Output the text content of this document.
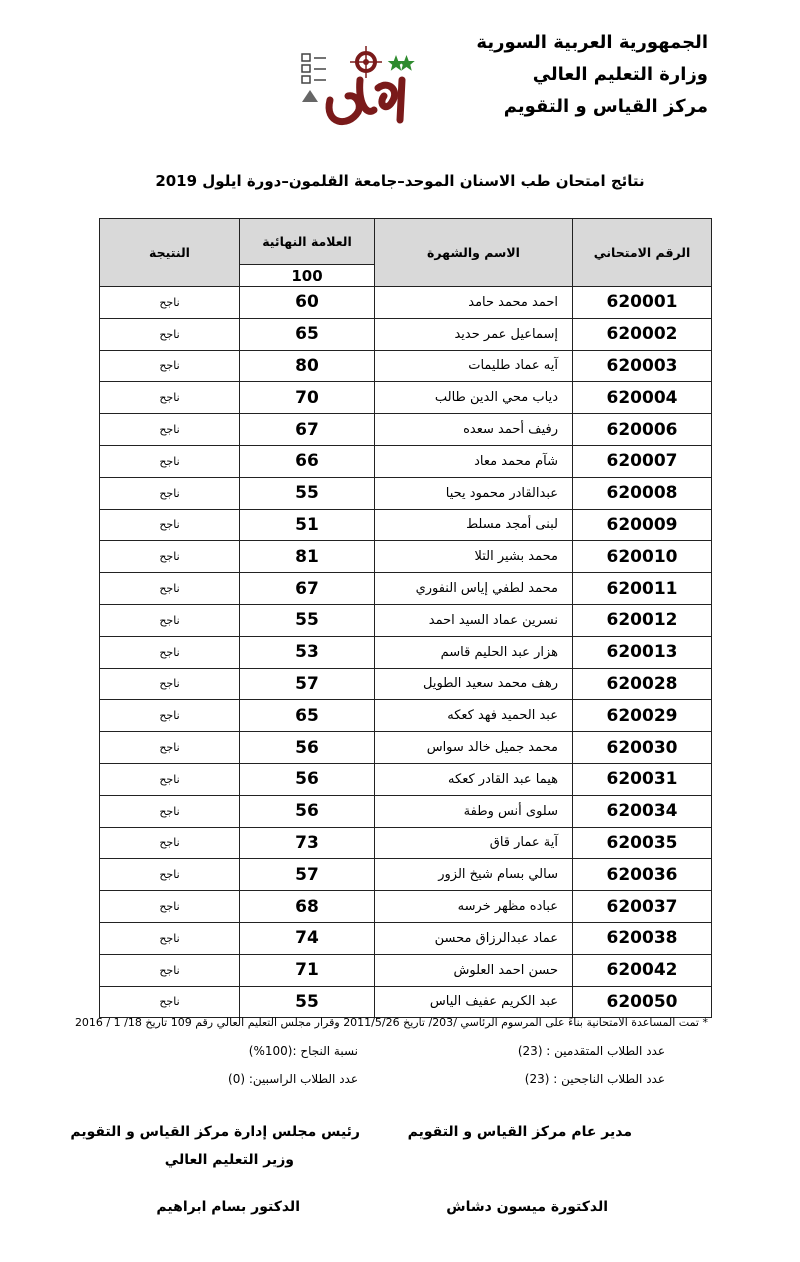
الجمهورية العربية السورية
وزارة التعليم العالي
مركز القياس و التقويم
نتائج امتحان طب الاسنان الموحد–جامعة القلمون–دورة ايلول 2019
الرقم الامتحاني	الاسم والشهرة	العلامة النهائية	النتيجة
		100	
620001	احمد محمد حامد	60	ناجح
620002	إسماعيل عمر حديد	65	ناجح
620003	آيه عماد طليمات	80	ناجح
620004	دياب محي الدين طالب	70	ناجح
620006	رفيف أحمد سعده	67	ناجح
620007	شآم محمد معاد	66	ناجح
620008	عبدالقادر محمود يحيا	55	ناجح
620009	لبنى أمجد مسلط	51	ناجح
620010	محمد بشير التلا	81	ناجح
620011	محمد لطفي إياس النفوري	67	ناجح
620012	نسرين عماد السيد احمد	55	ناجح
620013	هزار عبد الحليم قاسم	53	ناجح
620028	رهف محمد سعيد الطويل	57	ناجح
620029	عبد الحميد فهد كعكه	65	ناجح
620030	محمد جميل خالد سواس	56	ناجح
620031	هيما عبد القادر كعكه	56	ناجح
620034	سلوى أنس وطفة	56	ناجح
620035	آية عمار قاق	73	ناجح
620036	سالي بسام شيخ الزور	57	ناجح
620037	عباده مظهر خرسه	68	ناجح
620038	عماد عبدالرزاق محسن	74	ناجح
620042	حسن احمد العلوش	71	ناجح
620050	عبد الكريم عفيف الياس	55	ناجح
* تمت المساعدة الامتحانية بناءً على المرسوم الرئاسي /203/ تاريخ 2011/5/26 وقرار مجلس التعليم العالي رقم 109 تاريخ 18/ 1 / 2016
عدد الطلاب المتقدمين : (23)
عدد الطلاب الناجحين : (23)
نسبة النجاح :(100%)
عدد الطلاب الراسبين: (0)
مدير عام مركز القياس و التقويم
الدكتورة ميسون دشاش
رئيس مجلس إدارة مركز القياس و التقويم
وزير التعليم العالي
الدكتور بسام ابراهيم
